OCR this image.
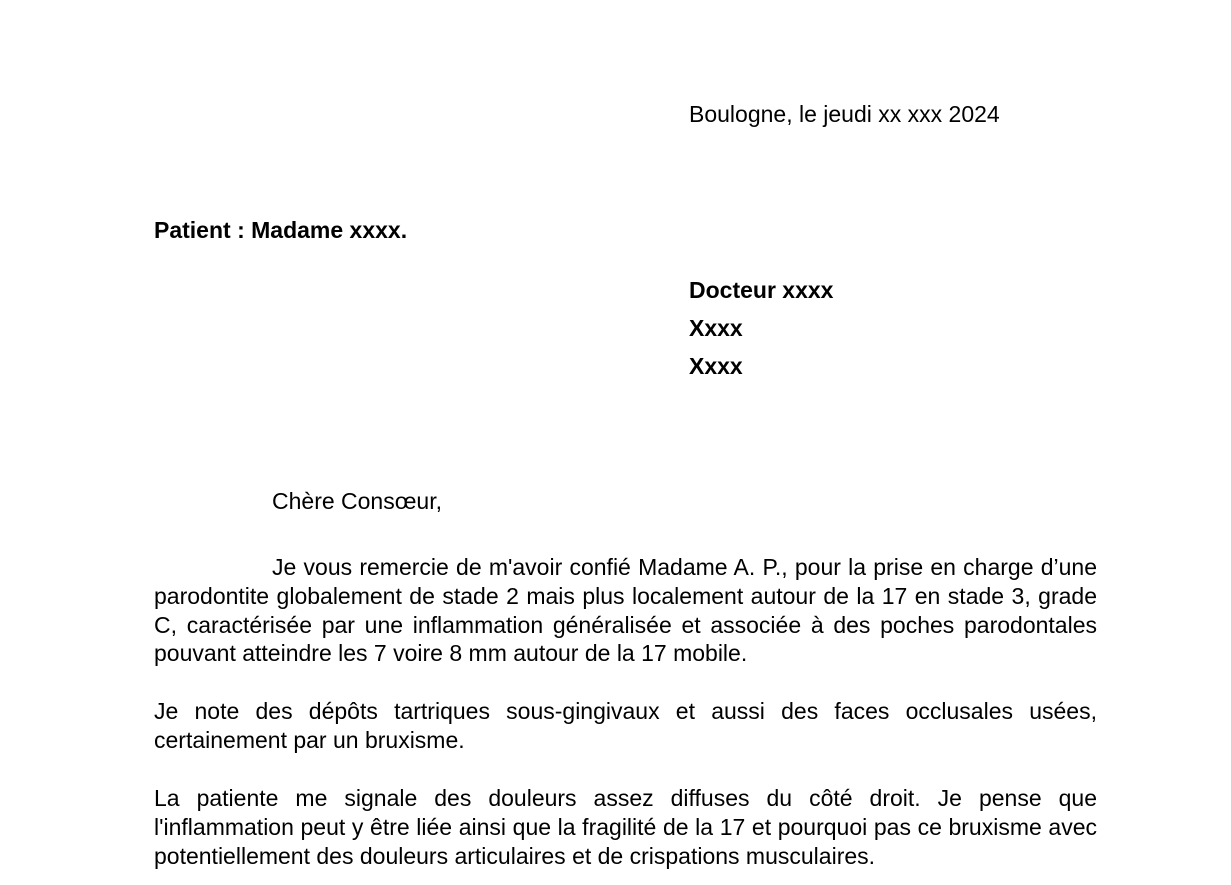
Boulogne, le jeudi xx xxx 2024
Patient : Madame xxxx.
Docteur xxxx
Xxxx
Xxxx
Chère Consœur,
Je vous remercie de m'avoir confié Madame A. P., pour la prise en charge d’une parodontite globalement de stade 2 mais plus localement autour de la 17 en stade 3, grade C, caractérisée par une inflammation généralisée et associée à des poches parodontales pouvant atteindre les 7 voire 8 mm autour de la 17 mobile.
Je note des dépôts tartriques sous-gingivaux et aussi des faces occlusales usées, certainement par un bruxisme.
La patiente me signale des douleurs assez diffuses du côté droit. Je pense que l'inflammation peut y être liée ainsi que la fragilité de la 17 et pourquoi pas ce bruxisme avec potentiellement des douleurs articulaires et de crispations musculaires.
